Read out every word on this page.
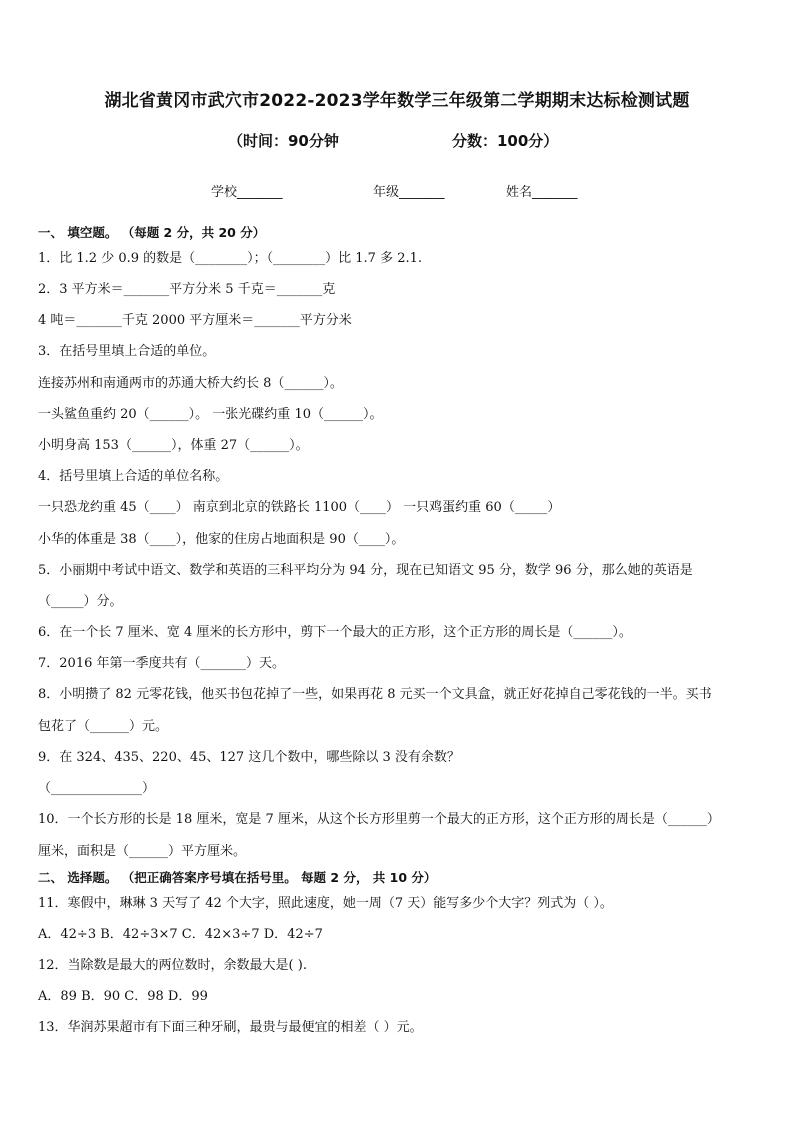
湖北省黄冈市武穴市2022-2023学年数学三年级第二学期期末达标检测试题
（时间：90分钟	分数：100分）
学校_______	年级_______	姓名_______
一、 填空题。 （每题 2 分，共 20 分）
1．比 1.2 少 0.9 的数是（________）；（________）比 1.7 多 2.1.
2．3 平方米＝_______平方分米 5 千克＝_______克
4 吨＝_______千克 2000 平方厘米＝_______平方分米
3．在括号里填上合适的单位。
连接苏州和南通两市的苏通大桥大约长 8（______）。
一头鲨鱼重约 20（______）。 一张光碟约重 10（______）。
小明身高 153（______），体重 27（______）。
4．括号里填上合适的单位名称。
一只恐龙约重 45（____） 南京到北京的铁路长 1100（____） 一只鸡蛋约重 60（_____）
小华的体重是 38（____），他家的住房占地面积是 90（____）。
5．小丽期中考试中语文、数学和英语的三科平均分为 94 分，现在已知语文 95 分，数学 96 分，那么她的英语是
（_____）分。
6．在一个长 7 厘米、宽 4 厘米的长方形中，剪下一个最大的正方形，这个正方形的周长是（______）。
7．2016 年第一季度共有（_______）天。
8．小明攒了 82 元零花钱，他买书包花掉了一些，如果再花 8 元买一个文具盒，就正好花掉自己零花钱的一半。买书
包花了（______）元。
9．在 324、435、220、45、127 这几个数中，哪些除以 3 没有余数？
（______________）
10．一个长方形的长是 18 厘米，宽是 7 厘米，从这个长方形里剪一个最大的正方形，这个正方形的周长是（______）
厘米，面积是（______）平方厘米。
二、 选择题。 （把正确答案序号填在括号里。 每题 2 分， 共 10 分）
11．寒假中，琳琳 3 天写了 42 个大字，照此速度，她一周（7 天）能写多少个大字？列式为（ ）。
A．42÷3 B．42÷3×7 C．42×3÷7 D．42÷7
12．当除数是最大的两位数时，余数最大是( ).
A．89 B．90 C．98 D．99
13．华润苏果超市有下面三种牙刷，最贵与最便宜的相差（ ）元。
